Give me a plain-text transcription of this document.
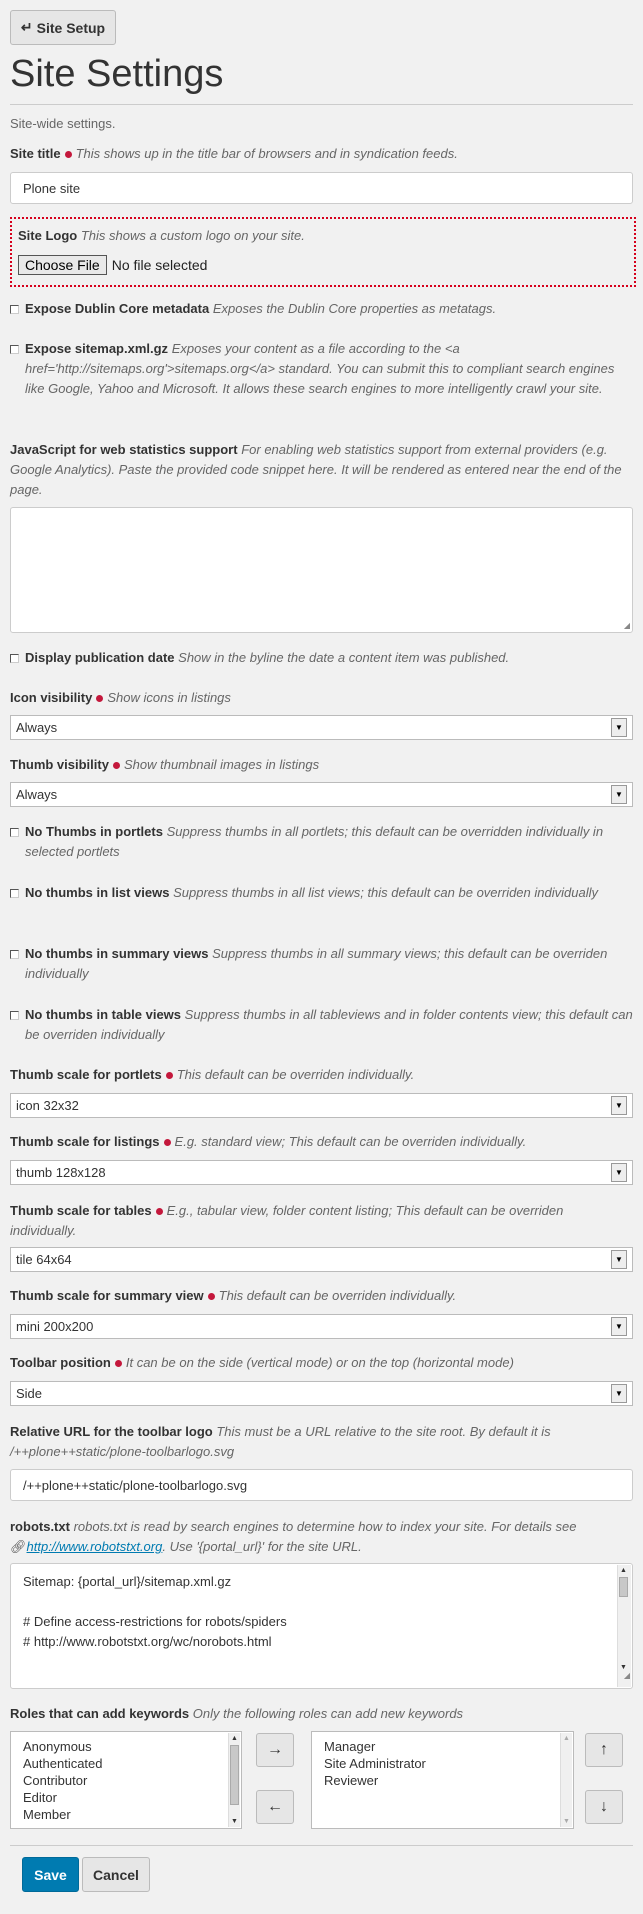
↵ Site Setup
Site Settings
Site-wide settings.
Site title This shows up in the title bar of browsers and in syndication feeds.
Plone site
Site Logo This shows a custom logo on your site.
Choose File No file selected
Expose Dublin Core metadata Exposes the Dublin Core properties as metatags.
Expose sitemap.xml.gz Exposes your content as a file according to the <a href='http://sitemaps.org'>sitemaps.org</a> standard. You can submit this to compliant search engines like Google, Yahoo and Microsoft. It allows these search engines to more intelligently crawl your site.
JavaScript for web statistics support For enabling web statistics support from external providers (e.g. Google Analytics). Paste the provided code snippet here. It will be rendered as entered near the end of the page.
◢
Display publication date Show in the byline the date a content item was published.
Icon visibility Show icons in listings
Always	▼
Thumb visibility Show thumbnail images in listings
Always	▼
No Thumbs in portlets Suppress thumbs in all portlets; this default can be overridden individually in selected portlets
No thumbs in list views Suppress thumbs in all list views; this default can be overriden individually
No thumbs in summary views Suppress thumbs in all summary views; this default can be overriden individually
No thumbs in table views Suppress thumbs in all tableviews and in folder contents view; this default can be overriden individually
Thumb scale for portlets This default can be overriden individually.
icon 32x32	▼
Thumb scale for listings E.g. standard view; This default can be overriden individually.
thumb 128x128	▼
Thumb scale for tables E.g., tabular view, folder content listing; This default can be overriden individually.
tile 64x64	▼
Thumb scale for summary view This default can be overriden individually.
mini 200x200	▼
Toolbar position It can be on the side (vertical mode) or on the top (horizontal mode)
Side	▼
Relative URL for the toolbar logo This must be a URL relative to the site root. By default it is /++plone++static/plone-toolbarlogo.svg
/++plone++static/plone-toolbarlogo.svg
robots.txt robots.txt is read by search engines to determine how to index your site. For details see 🔗︎http://www.robotstxt.org. Use '{portal_url}' for the site URL.
Sitemap: {portal_url}/sitemap.xml.gz
# Define access-restrictions for robots/spiders
# http://www.robotstxt.org/wc/norobots.html
▲
▼
◢
Roles that can add keywords Only the following roles can add new keywords
Anonymous
Authenticated
Contributor
Editor
Member
▲
▼
→
←
Manager
Site Administrator
Reviewer
▲
▼
↑
↓
Save	Cancel
